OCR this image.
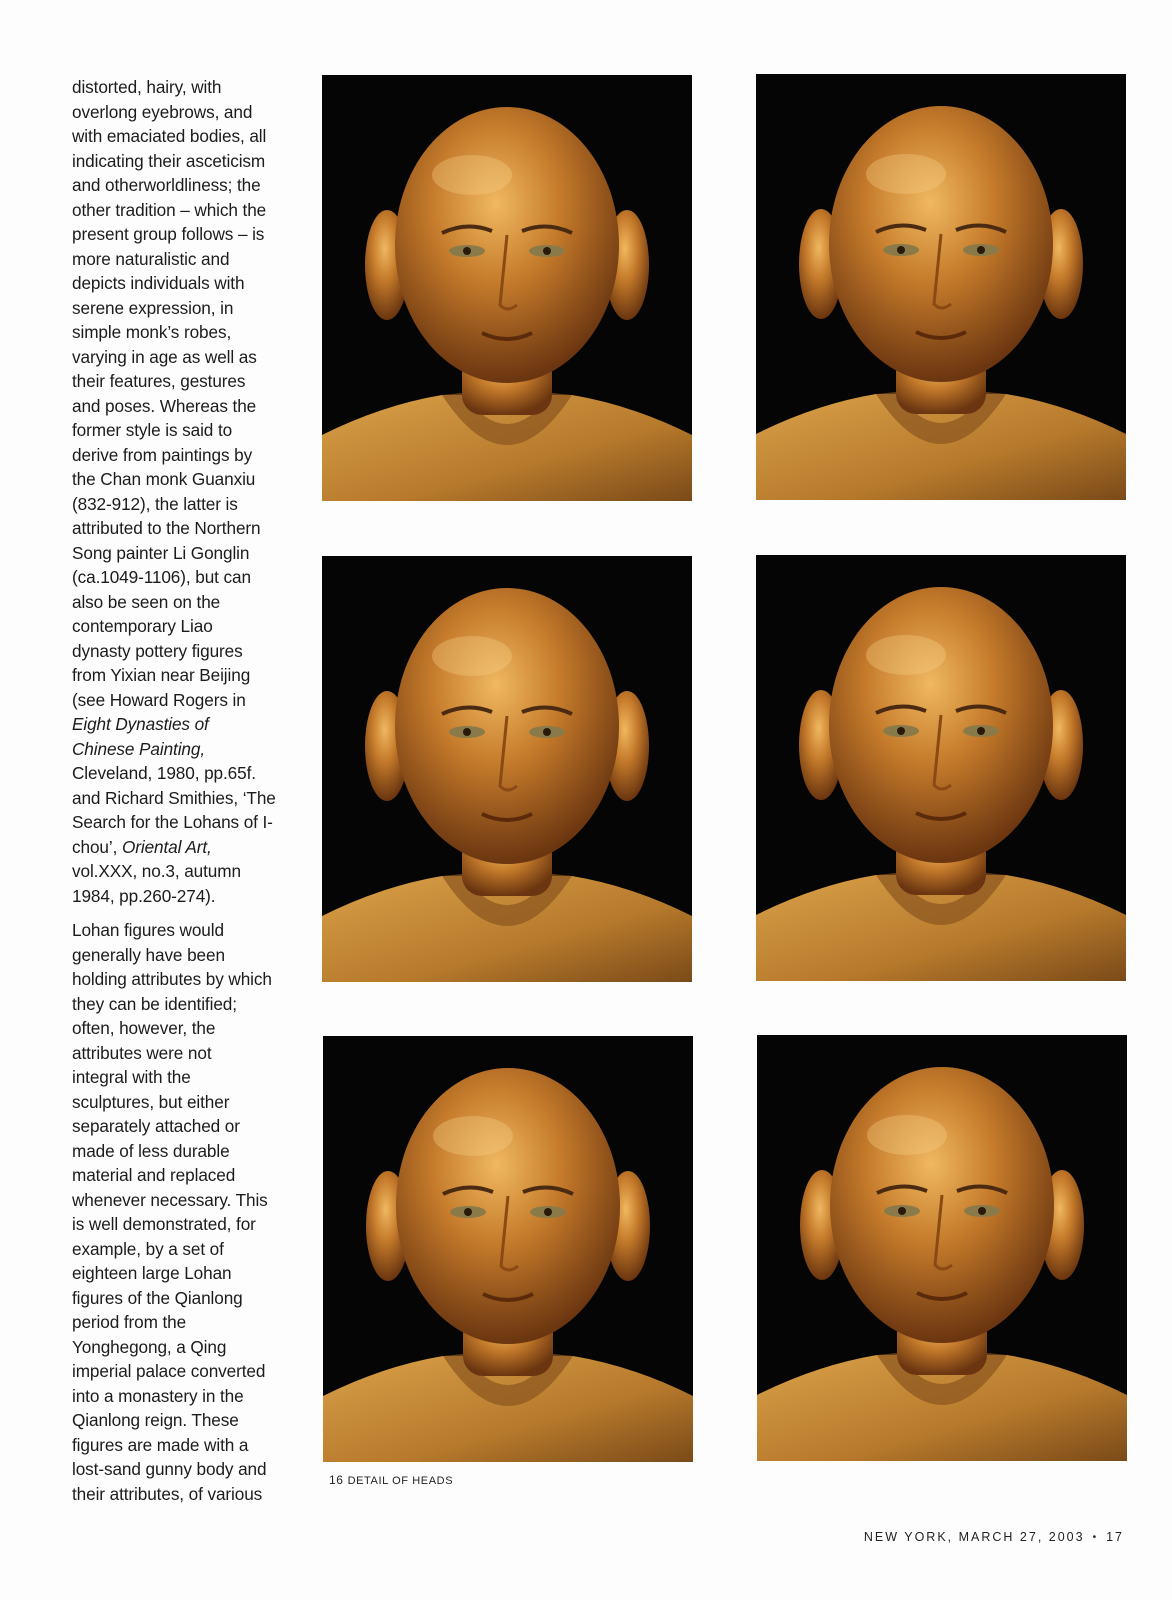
distorted, hairy, with
overlong eyebrows, and
with emaciated bodies, all
indicating their asceticism
and otherworldliness; the
other tradition – which the
present group follows – is
more naturalistic and
depicts individuals with
serene expression, in
simple monk’s robes,
varying in age as well as
their features, gestures
and poses. Whereas the
former style is said to
derive from paintings by
the Chan monk Guanxiu
(832-912), the latter is
attributed to the Northern
Song painter Li Gonglin
(ca.1049-1106), but can
also be seen on the
contemporary Liao
dynasty pottery figures
from Yixian near Beijing
(see Howard Rogers in
Eight Dynasties of
Chinese Painting,
Cleveland, 1980, pp.65f.
and Richard Smithies, ‘The
Search for the Lohans of I-
chou’, Oriental Art,
vol.XXX, no.3, autumn
1984, pp.260-274).

Lohan figures would
generally have been
holding attributes by which
they can be identified;
often, however, the
attributes were not
integral with the
sculptures, but either
separately attached or
made of less durable
material and replaced
whenever necessary. This
is well demonstrated, for
example, by a set of
eighteen large Lohan
figures of the Qianlong
period from the
Yonghegong, a Qing
imperial palace converted
into a monastery in the
Qianlong reign. These
figures are made with a
lost-sand gunny body and
their attributes, of various

16 DETAIL OF HEADS
NEW YORK, MARCH 27, 2003 • 17
